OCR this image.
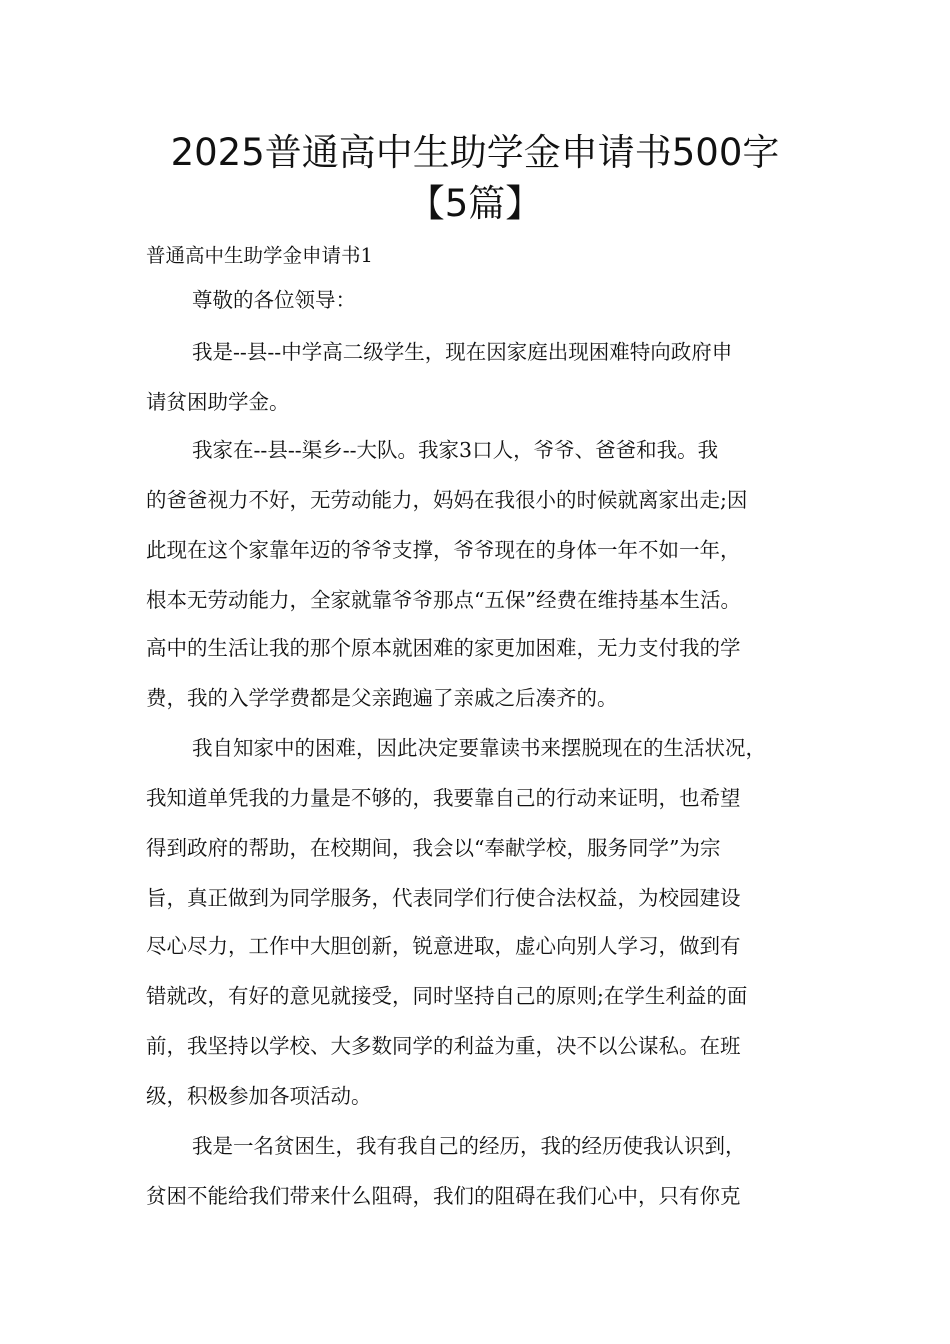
2025普通高中生助学金申请书500字
【5篇】
普通高中生助学金申请书1
尊敬的各位领导：
我是--县--中学高二级学生，现在因家庭出现困难特向政府申
请贫困助学金。
我家在--县--渠乡--大队。我家3口人，爷爷、爸爸和我。我
的爸爸视力不好，无劳动能力，妈妈在我很小的时候就离家出走;因
此现在这个家靠年迈的爷爷支撑，爷爷现在的身体一年不如一年，
根本无劳动能力，全家就靠爷爷那点“五保”经费在维持基本生活。
高中的生活让我的那个原本就困难的家更加困难，无力支付我的学
费，我的入学学费都是父亲跑遍了亲戚之后凑齐的。
我自知家中的困难，因此决定要靠读书来摆脱现在的生活状况，
我知道单凭我的力量是不够的，我要靠自己的行动来证明，也希望
得到政府的帮助，在校期间，我会以“奉献学校，服务同学”为宗
旨，真正做到为同学服务，代表同学们行使合法权益，为校园建设
尽心尽力，工作中大胆创新，锐意进取，虚心向别人学习，做到有
错就改，有好的意见就接受，同时坚持自己的原则;在学生利益的面
前，我坚持以学校、大多数同学的利益为重，决不以公谋私。在班
级，积极参加各项活动。
我是一名贫困生，我有我自己的经历，我的经历使我认识到，
贫困不能给我们带来什么阻碍，我们的阻碍在我们心中，只有你克
